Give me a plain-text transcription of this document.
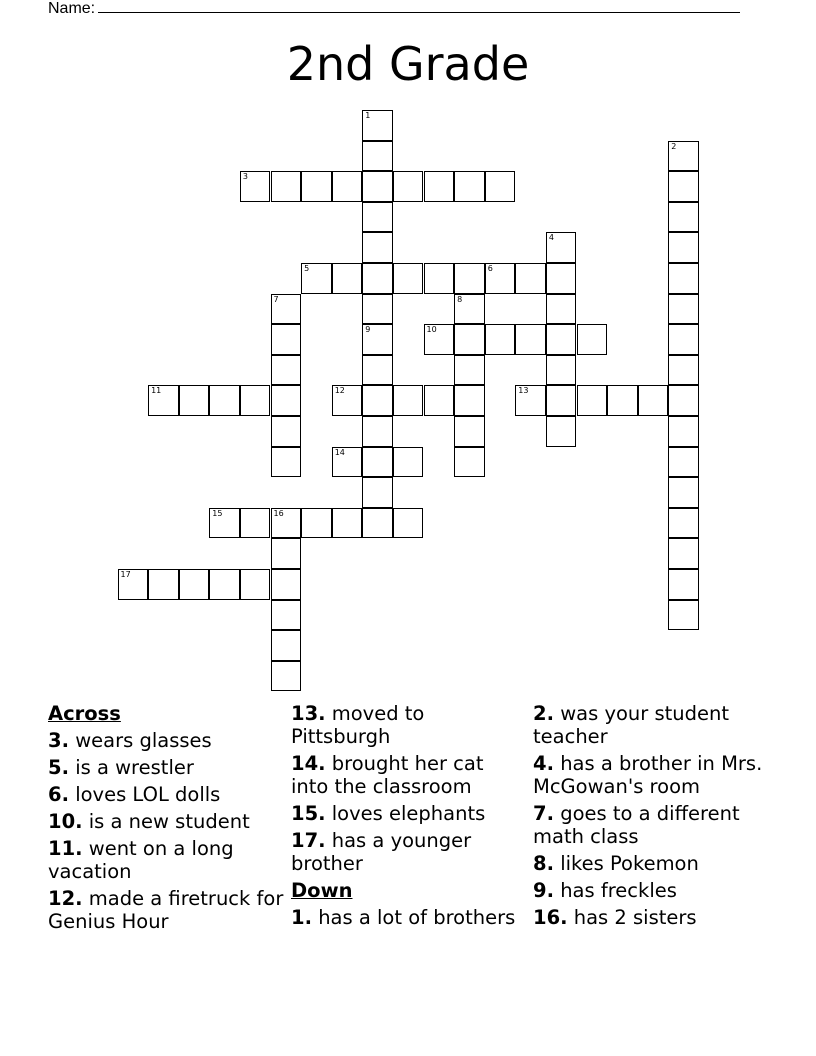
Name:
2nd Grade
1
2
3
4
5	6
7	8
9	10
11	12	13
14
15	16
17
Across
3. wears glasses
5. is a wrestler
6. loves LOL dolls
10. is a new student
11. went on a long vacation
12. made a firetruck for Genius Hour
13. moved to Pittsburgh
14. brought her cat into the classroom
15. loves elephants
17. has a younger brother
Down
1. has a lot of brothers
2. was your student teacher
4. has a brother in Mrs. McGowan's room
7. goes to a different math class
8. likes Pokemon
9. has freckles
16. has 2 sisters
